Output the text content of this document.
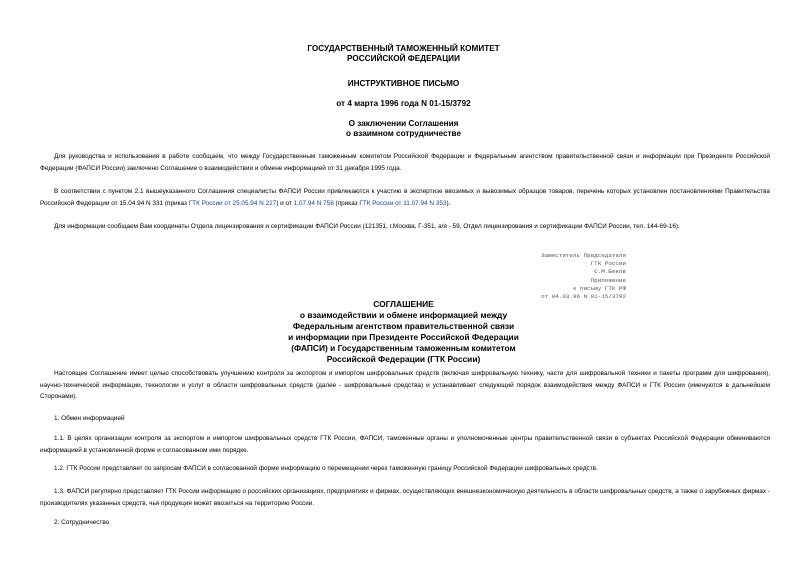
ГОСУДАРСТВЕННЫЙ ТАМОЖЕННЫЙ КОМИТЕТ
РОССИЙСКОЙ ФЕДЕРАЦИИ
ИНСТРУКТИВНОЕ ПИСЬМО
от 4 марта 1996 года N 01-15/3792
О заключении Соглашения
о взаимном сотрудничестве

Для руководства и использования в работе сообщаем, что между Государственным таможенным комитетом Российской Федерации и Федеральным агентством правительственной связи и информации при Президенте Российской Федерации (ФАПСИ России) заключено Соглашение о взаимодействии и обмене информацией от 31 декабря 1995 года.

В соответствии с пунктом 2.1 вышеуказанного Соглашения специалисты ФАПСИ России привлекаются к участию в экспертизе ввозимых и вывозимых образцов товаров, перечень которых установлен постановлениями Правительства Российской Федерации от 15.04.94 N 331 (приказ ГТК России от 25.05.94 N 227) и от 1.07.94 N 758 (приказ ГТК России от 11.07.94 N 353).

Для информации сообщаем Вам координаты Отдела лицензирования и сертификации ФАПСИ России (121351, г.Москва, Г-351, а/я - 59, Отдел лицензирования и сертификации ФАПСИ России, тел. 144-69-16).

Заместитель Председателя
ГТК России
С.М.Беков
Приложение
к письму ГТК РФ
от 04.03.96 N 01-15/3792
СОГЛАШЕНИЕ
о взаимодействии и обмене информацией между
Федеральным агентством правительственной связи
и информации при Президенте Российской Федерации
(ФАПСИ) и Государственным таможенным комитетом
Российской Федерации (ГТК России)

Настоящее Соглашение имеет целью способствовать улучшению контроля за экспортом и импортом шифровальных средств (включая шифровальную технику, части для шифровальной техники и пакеты программ для шифрования), научно-технической информации, технологии и услуг в области шифровальных средств (далее - шифровальные средства) и устанавливает следующий порядок взаимодействия между ФАПСИ и ГТК России (именуются в дальнейшем Сторонами).

1. Обмен информацией

1.1. В целях организации контроля за экспортом и импортом шифровальных средств ГТК России, ФАПСИ, таможенные органы и уполномоченные центры правительственной связи в субъектах Российской Федерации обмениваются информацией в установленной форме и согласованном ими порядке.

1.2. ГТК России представляет по запросам ФАПСИ в согласованной форме информацию о перемещении через таможенную границу Российской Федерации шифровальных средств.

1.3. ФАПСИ регулярно представляет ГТК России информацию о российских организациях, предприятиях и фирмах, осуществляющих внешнеэкономическую деятельность в области шифровальных средств, а также о зарубежных фирмах - производителях указанных средств, чья продукция может ввозиться на территорию России.

2. Сотрудничество
